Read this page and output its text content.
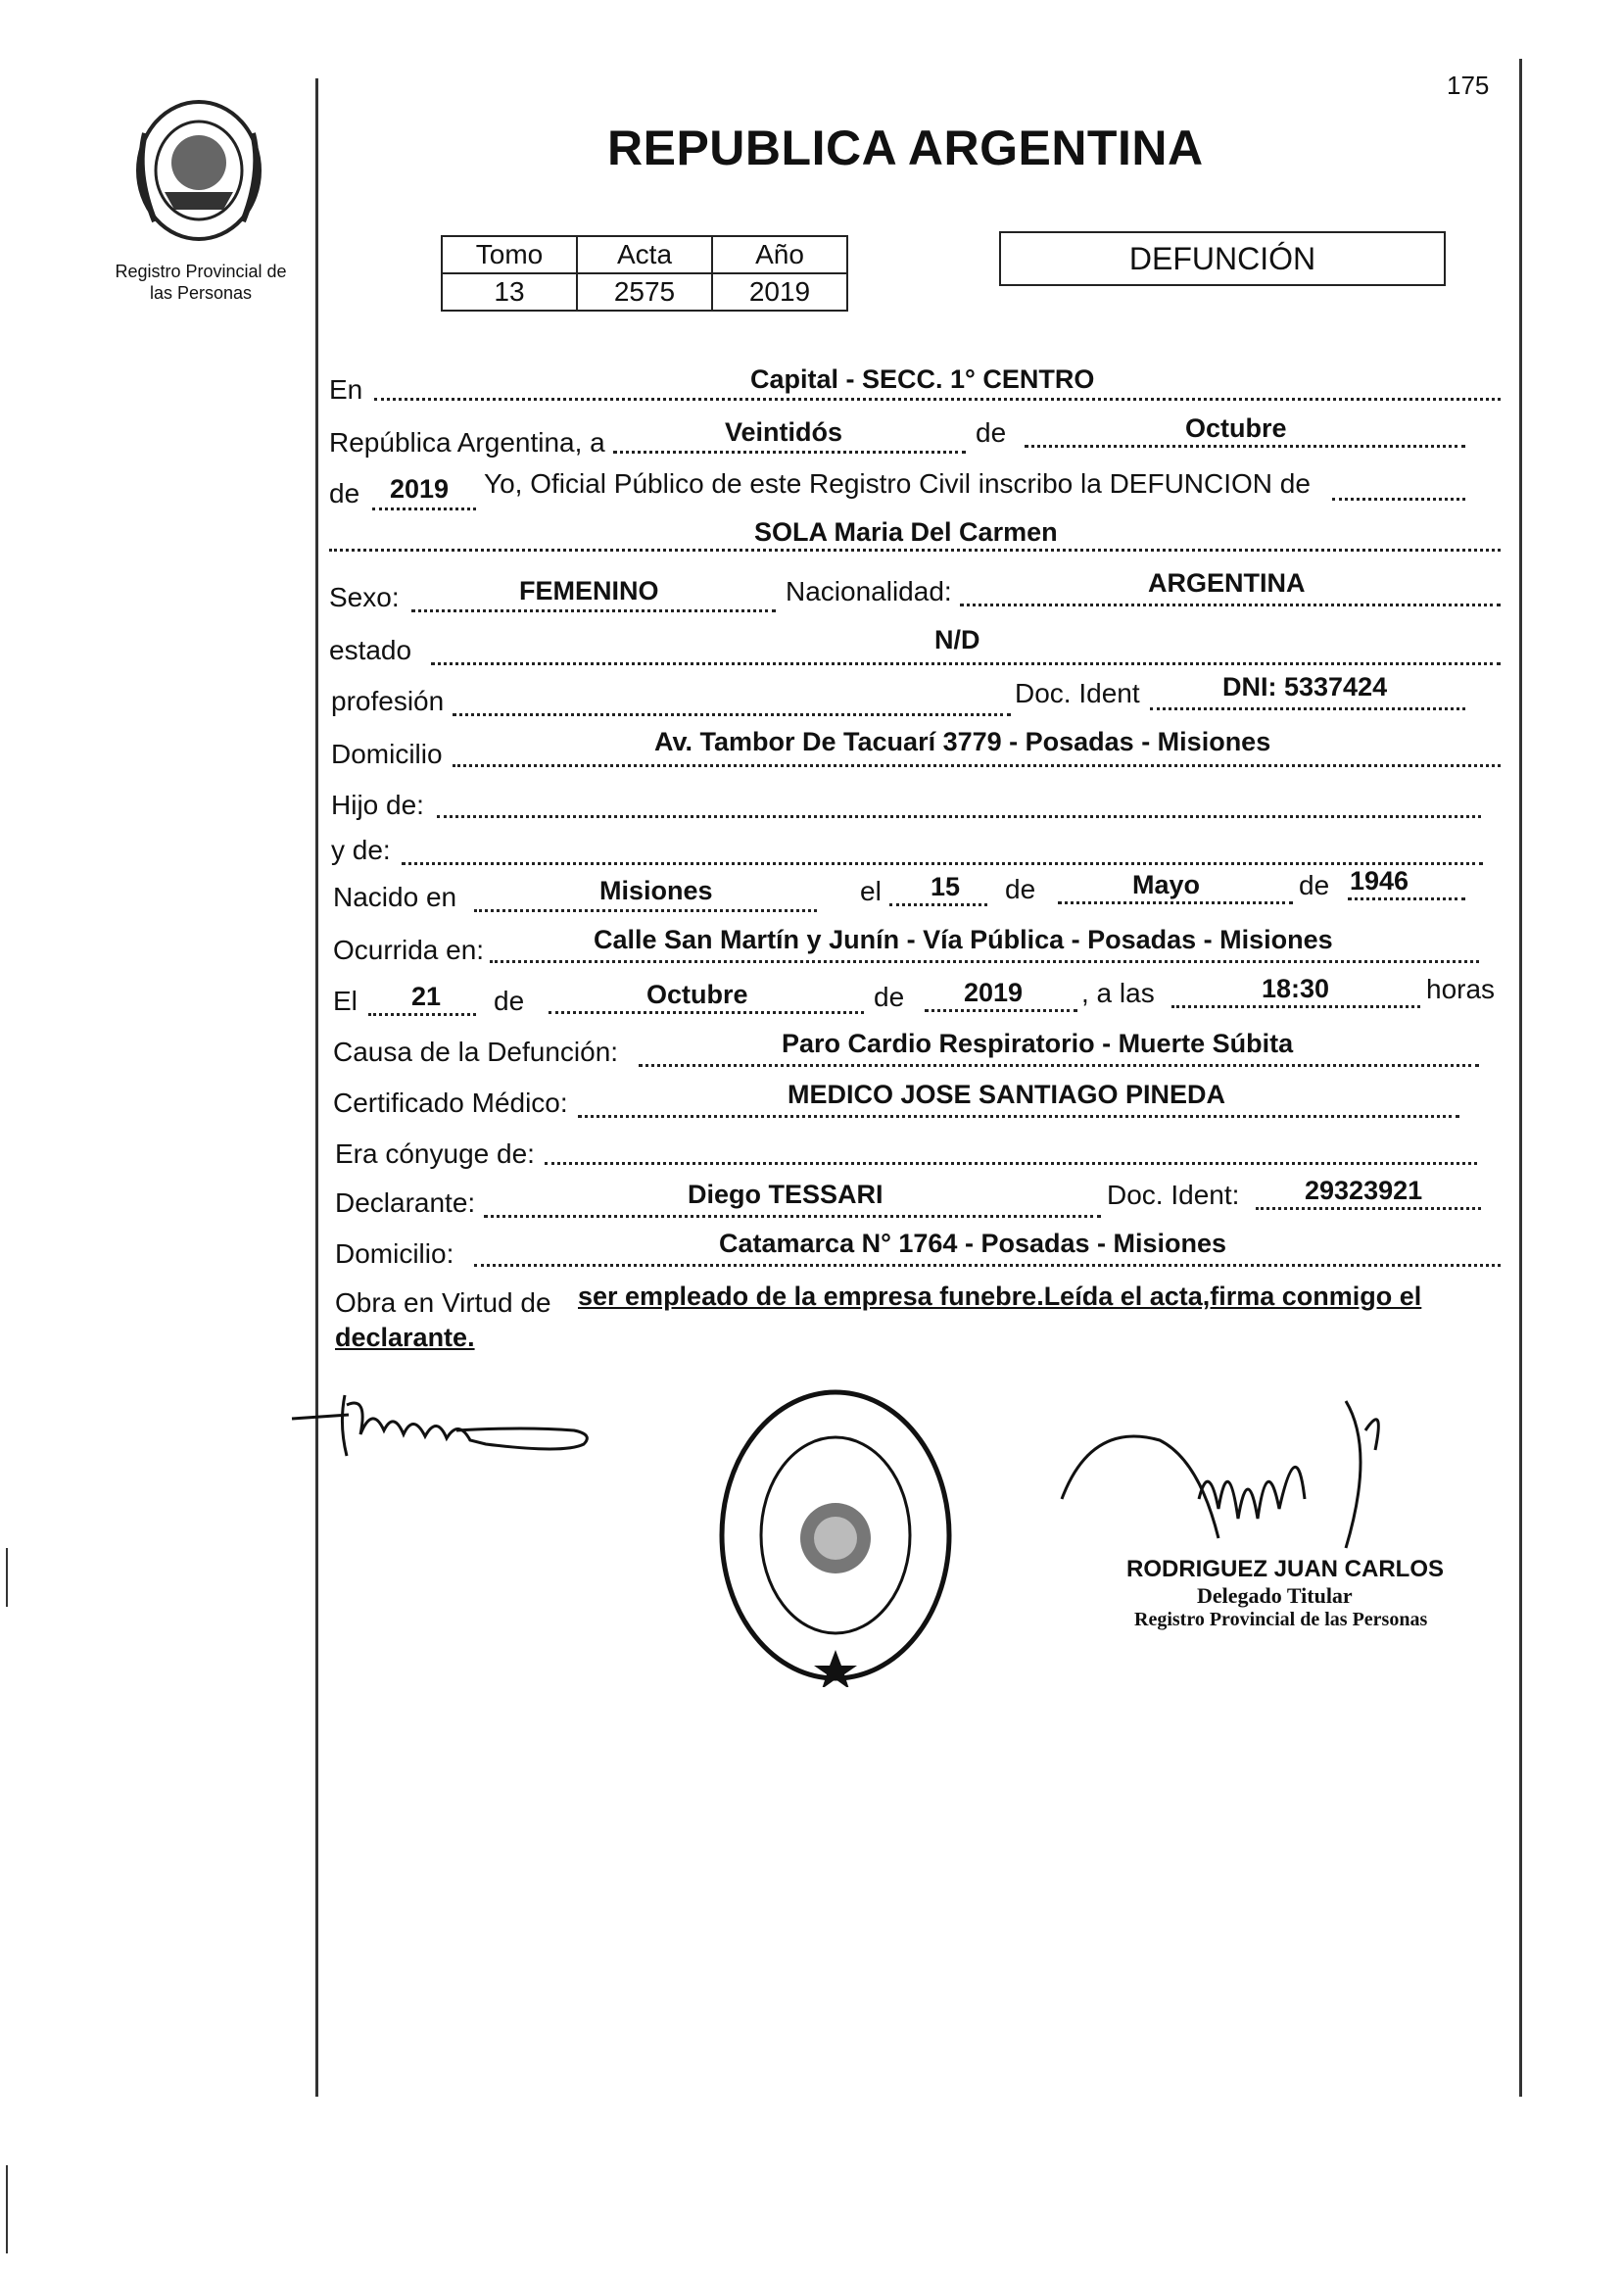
175
Registro Provincial de
las Personas
REPUBLICA ARGENTINA
Tomo	Acta	Año
13	2575	2019
DEFUNCIÓN
En	Capital - SECC. 1° CENTRO
República Argentina, a	Veintidós	de	Octubre
de 2019 Yo, Oficial Público de este Registro Civil inscribo la DEFUNCION de
SOLA Maria Del Carmen
Sexo:	FEMENINO	Nacionalidad:	ARGENTINA
estado	N/D
profesión	Doc. Ident	DNI: 5337424
Domicilio	Av. Tambor De Tacuarí 3779 - Posadas - Misiones
Hijo de:
y de:
Nacido en	Misiones	el 15 de	Mayo	de 1946
Ocurrida en:	Calle San Martín y Junín - Vía Pública - Posadas - Misiones
El 21 de	Octubre	de 2019 , a las	18:30	horas
Causa de la Defunción:	Paro Cardio Respiratorio - Muerte Súbita
Certificado Médico:	MEDICO JOSE SANTIAGO PINEDA
Era cónyuge de:
Declarante:	Diego TESSARI	Doc. Ident: 29323921
Domicilio:	Catamarca N° 1764 - Posadas - Misiones
Obra en Virtud de ser empleado de la empresa funebre.Leída el acta,firma conmigo el
declarante.
RODRIGUEZ JUAN CARLOS
Delegado Titular
Registro Provincial de las Personas
